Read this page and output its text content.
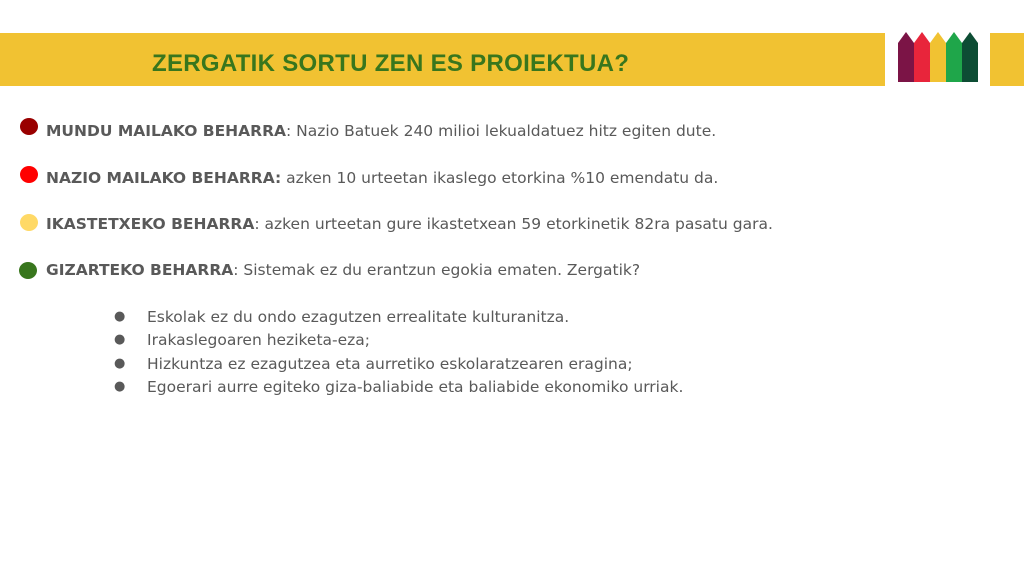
ZERGATIK SORTU ZEN ES PROIEKTUA?
MUNDU MAILAKO BEHARRA: Nazio Batuek 240 milioi lekualdatuez hitz egiten dute.
NAZIO MAILAKO BEHARRA: azken 10 urteetan ikaslego etorkina %10 emendatu da.
IKASTETXEKO BEHARRA: azken urteetan gure ikastetxean 59 etorkinetik 82ra pasatu gara.
GIZARTEKO BEHARRA: Sistemak ez du erantzun egokia ematen. Zergatik?
● Eskolak ez du ondo ezagutzen errealitate kulturanitza.
● Irakaslegoaren heziketa-eza;
● Hizkuntza ez ezagutzea eta aurretiko eskolaratzearen eragina;
● Egoerari aurre egiteko giza-baliabide eta baliabide ekonomiko urriak.
